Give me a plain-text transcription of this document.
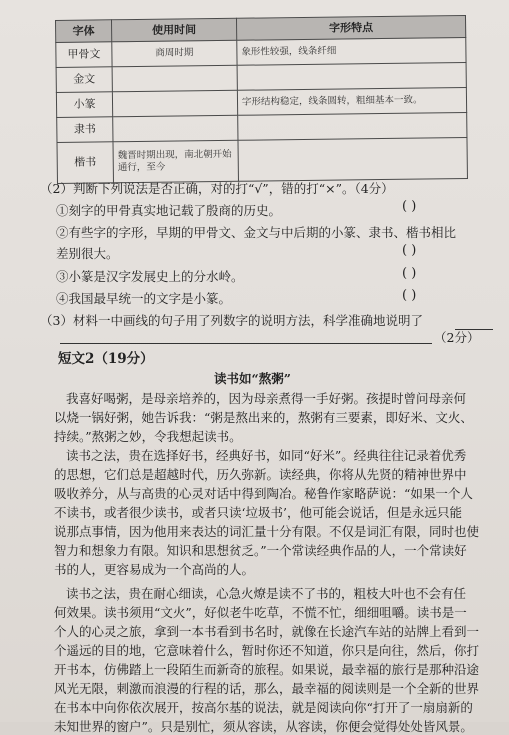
字体	使用时间	字形特点
甲骨文	商周时期	象形性较强，线条纤细
金文		
小篆		字形结构稳定，线条圆转，粗细基本一致。
隶书		
楷书	魏晋时期出现，南北朝开始通行，至今	
（2）判断下列说法是否正确，对的打“√”，错的打“×”。（4分）
①刻字的甲骨真实地记载了殷商的历史。	( )
②有些字的字形，早期的甲骨文、金文与中后期的小篆、隶书、楷书相比
差别很大。	( )
③小篆是汉字发展史上的分水岭。	( )
④我国最早统一的文字是小篆。	( )
（3）材料一中画线的句子用了列数字的说明方法，科学准确地说明了
（2分）
短文2（19分）
读书如“熬粥”
我喜好喝粥，是母亲培养的，因为母亲煮得一手好粥。孩提时曾问母亲何
以烧一锅好粥，她告诉我：“粥是熬出来的，熬粥有三要素，即好米、文火、
持续。”熬粥之妙，令我想起读书。
读书之法，贵在选择好书，经典好书，如同“好米”。经典往往记录着优秀
的思想，它们总是超越时代，历久弥新。读经典，你将从先贤的精神世界中
吸收养分，从与高贵的心灵对话中得到陶冶。秘鲁作家略萨说：“如果一个人
不读书，或者很少读书，或者只读‘垃圾书’，他可能会说话，但是永远只能
说那点事情，因为他用来表达的词汇量十分有限。不仅是词汇有限，同时也使
智力和想象力有限。知识和思想贫乏。”一个常读经典作品的人，一个常读好
书的人，更容易成为一个高尚的人。
读书之法，贵在耐心细读，心急火燎是读不了书的，粗枝大叶也不会有任
何效果。读书须用“文火”，好似老牛吃草，不慌不忙，细细咀嚼。读书是一
个人的心灵之旅，拿到一本书看到书名时，就像在长途汽车站的站牌上看到一
个遥远的目的地，它意味着什么，暂时你还不知道，你只是向往，然后，你打
开书本，仿佛踏上一段陌生而新奇的旅程。如果说，最幸福的旅行是那种沿途
风光无限，刺激而浪漫的行程的话，那么，最幸福的阅读则是一个全新的世界
在书本中向你依次展开，按高尔基的说法，就是阅读向你“打开了一扇扇新的
未知世界的窗户”。只是别忙，须从容读，从容读，你便会觉得处处皆风景。
